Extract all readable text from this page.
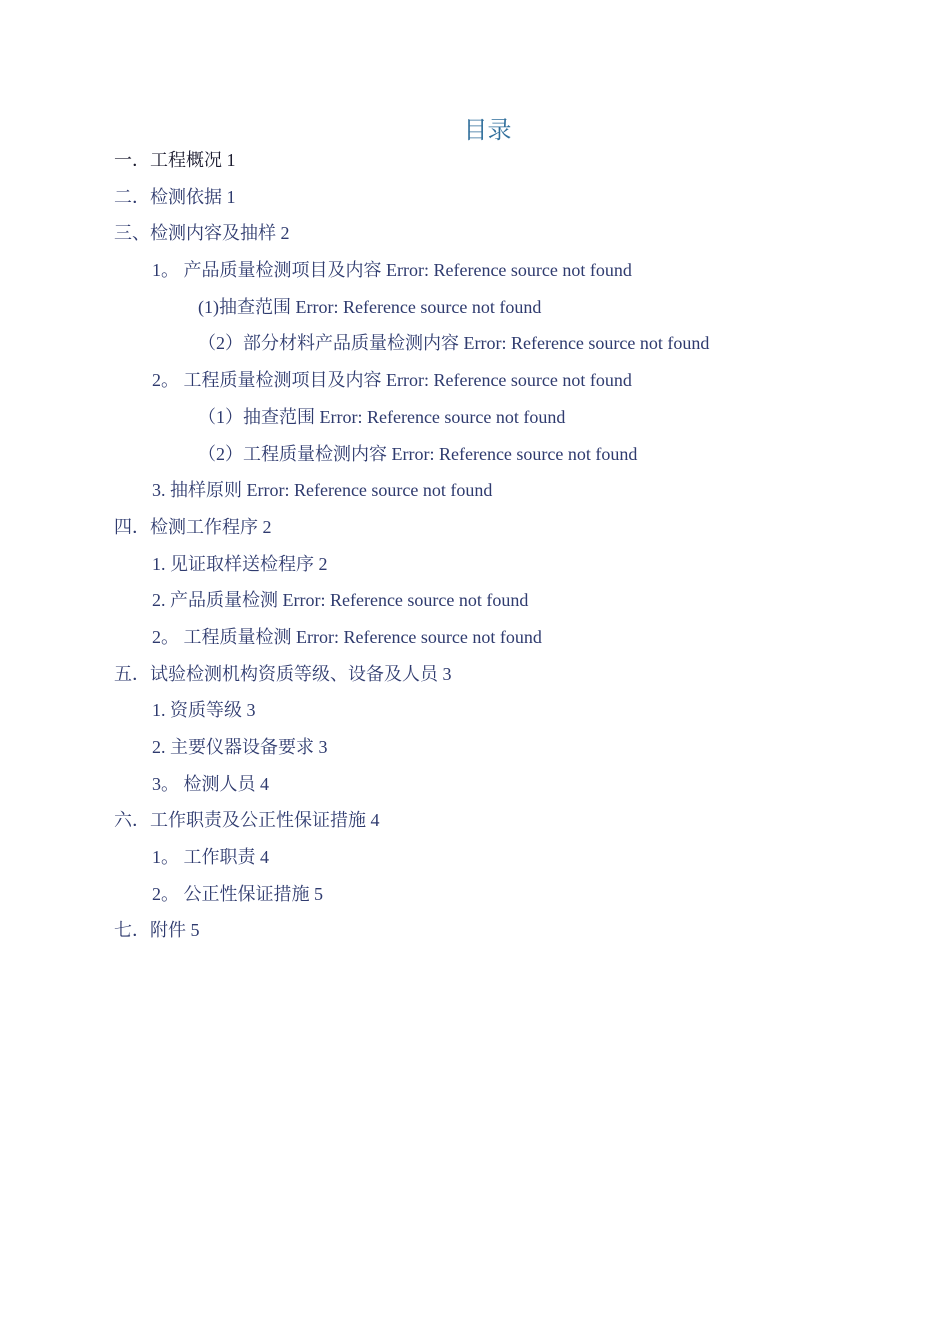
目录
一．工程概况 1
二．检测依据 1
三、检测内容及抽样 2
1。 产品质量检测项目及内容 Error: Reference source not found
(1)抽查范围 Error: Reference source not found
（2）部分材料产品质量检测内容 Error: Reference source not found
2。 工程质量检测项目及内容 Error: Reference source not found
（1）抽查范围 Error: Reference source not found
（2）工程质量检测内容 Error: Reference source not found
3. 抽样原则 Error: Reference source not found
四．检测工作程序 2
1. 见证取样送检程序 2
2. 产品质量检测 Error: Reference source not found
2。 工程质量检测 Error: Reference source not found
五．试验检测机构资质等级、设备及人员 3
1. 资质等级 3
2. 主要仪器设备要求 3
3。 检测人员 4
六．工作职责及公正性保证措施 4
1。 工作职责 4
2。 公正性保证措施 5
七．附件 5
